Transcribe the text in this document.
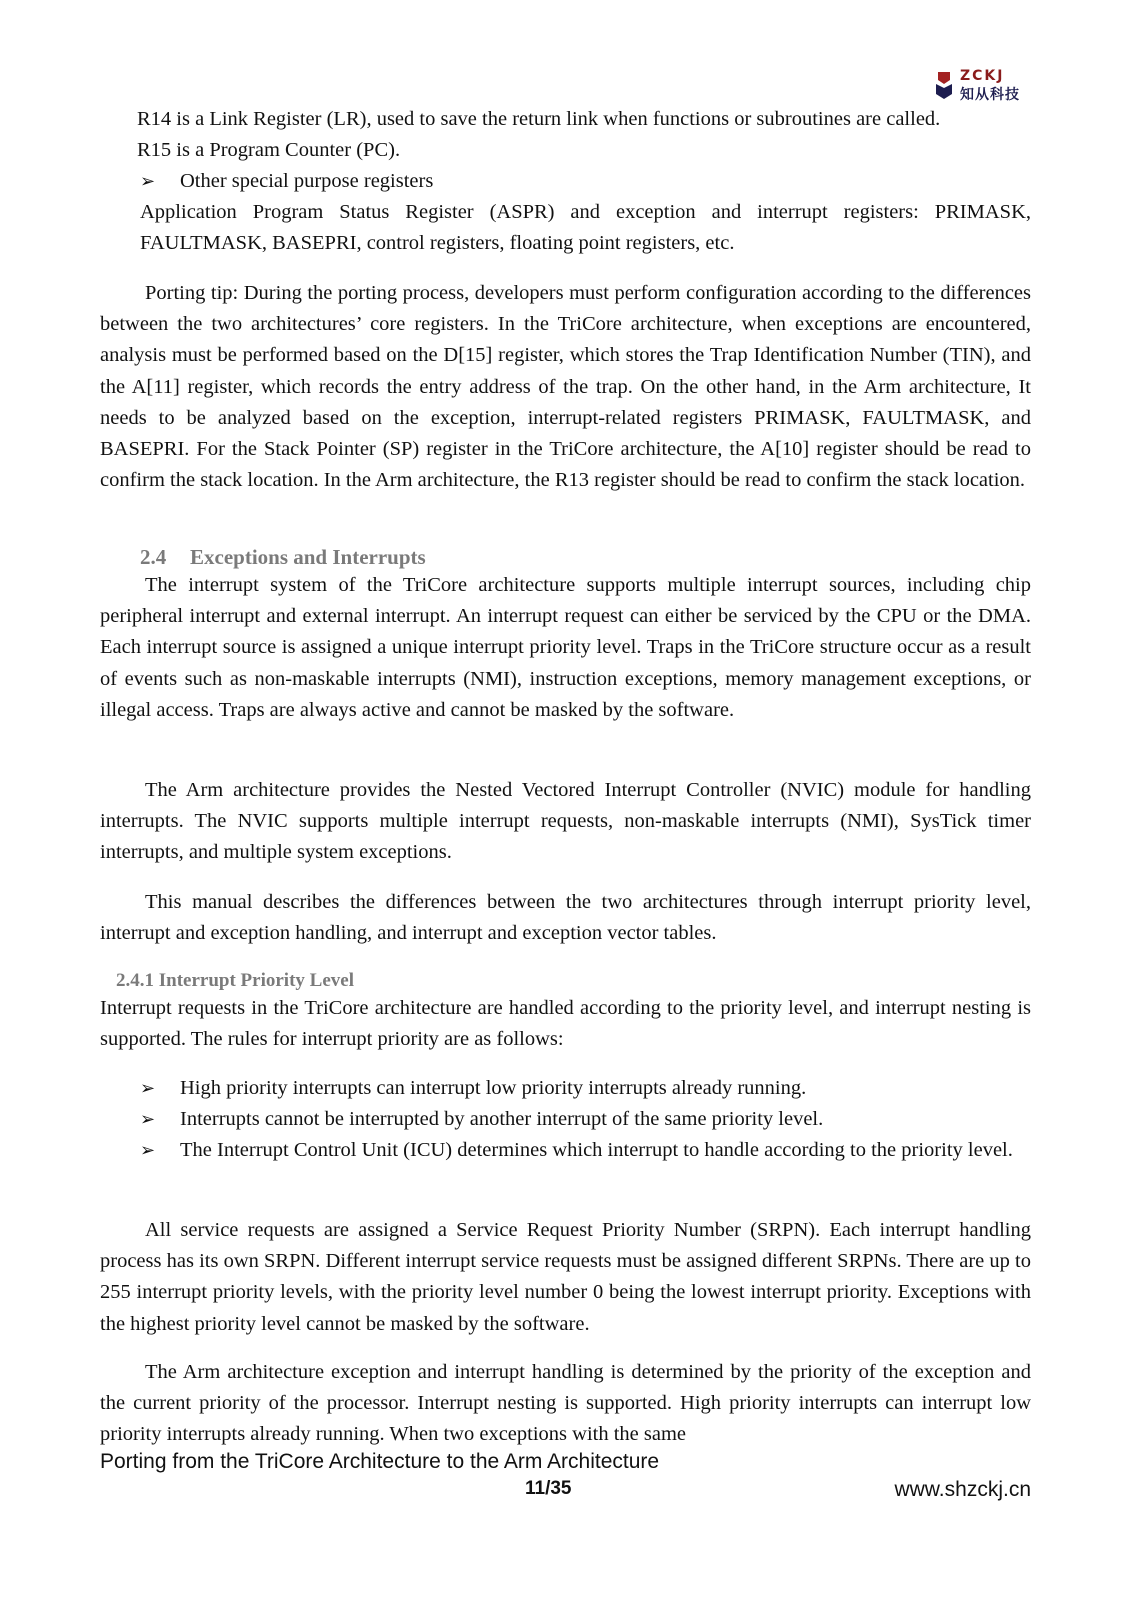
ZCKJ
知从科技
R14 is a Link Register (LR), used to save the return link when functions or subroutines are called.
R15 is a Program Counter (PC).
➢ Other special purpose registers

Application Program Status Register (ASPR) and exception and interrupt registers: PRIMASK, FAULTMASK, BASEPRI, control registers, floating point registers, etc.

Porting tip: During the porting process, developers must perform configuration according to the differences between the two architectures’ core registers. In the TriCore architecture, when exceptions are encountered, analysis must be performed based on the D[15] register, which stores the Trap Identification Number (TIN), and the A[11] register, which records the entry address of the trap. On the other hand, in the Arm architecture, It needs to be analyzed based on the exception, interrupt-related registers PRIMASK, FAULTMASK, and BASEPRI. For the Stack Pointer (SP) register in the TriCore architecture, the A[10] register should be read to confirm the stack location. In the Arm architecture, the R13 register should be read to confirm the stack location.

2.4 Exceptions and Interrupts

The interrupt system of the TriCore architecture supports multiple interrupt sources, including chip peripheral interrupt and external interrupt. An interrupt request can either be serviced by the CPU or the DMA. Each interrupt source is assigned a unique interrupt priority level. Traps in the TriCore structure occur as a result of events such as non-maskable interrupts (NMI), instruction exceptions, memory management exceptions, or illegal access. Traps are always active and cannot be masked by the software.

The Arm architecture provides the Nested Vectored Interrupt Controller (NVIC) module for handling interrupts. The NVIC supports multiple interrupt requests, non-maskable interrupts (NMI), SysTick timer interrupts, and multiple system exceptions.

This manual describes the differences between the two architectures through interrupt priority level, interrupt and exception handling, and interrupt and exception vector tables.

2.4.1 Interrupt Priority Level

Interrupt requests in the TriCore architecture are handled according to the priority level, and interrupt nesting is supported. The rules for interrupt priority are as follows:

➢ High priority interrupts can interrupt low priority interrupts already running.
➢ Interrupts cannot be interrupted by another interrupt of the same priority level.
➢ The Interrupt Control Unit (ICU) determines which interrupt to handle according to the priority level.

All service requests are assigned a Service Request Priority Number (SRPN). Each interrupt handling process has its own SRPN. Different interrupt service requests must be assigned different SRPNs. There are up to 255 interrupt priority levels, with the priority level number 0 being the lowest interrupt priority. Exceptions with the highest priority level cannot be masked by the software.

The Arm architecture exception and interrupt handling is determined by the priority of the exception and the current priority of the processor. Interrupt nesting is supported. High priority interrupts can interrupt low priority interrupts already running. When two exceptions with the same

Porting from the TriCore Architecture to the Arm Architecture
11/35	www.shzckj.cn
